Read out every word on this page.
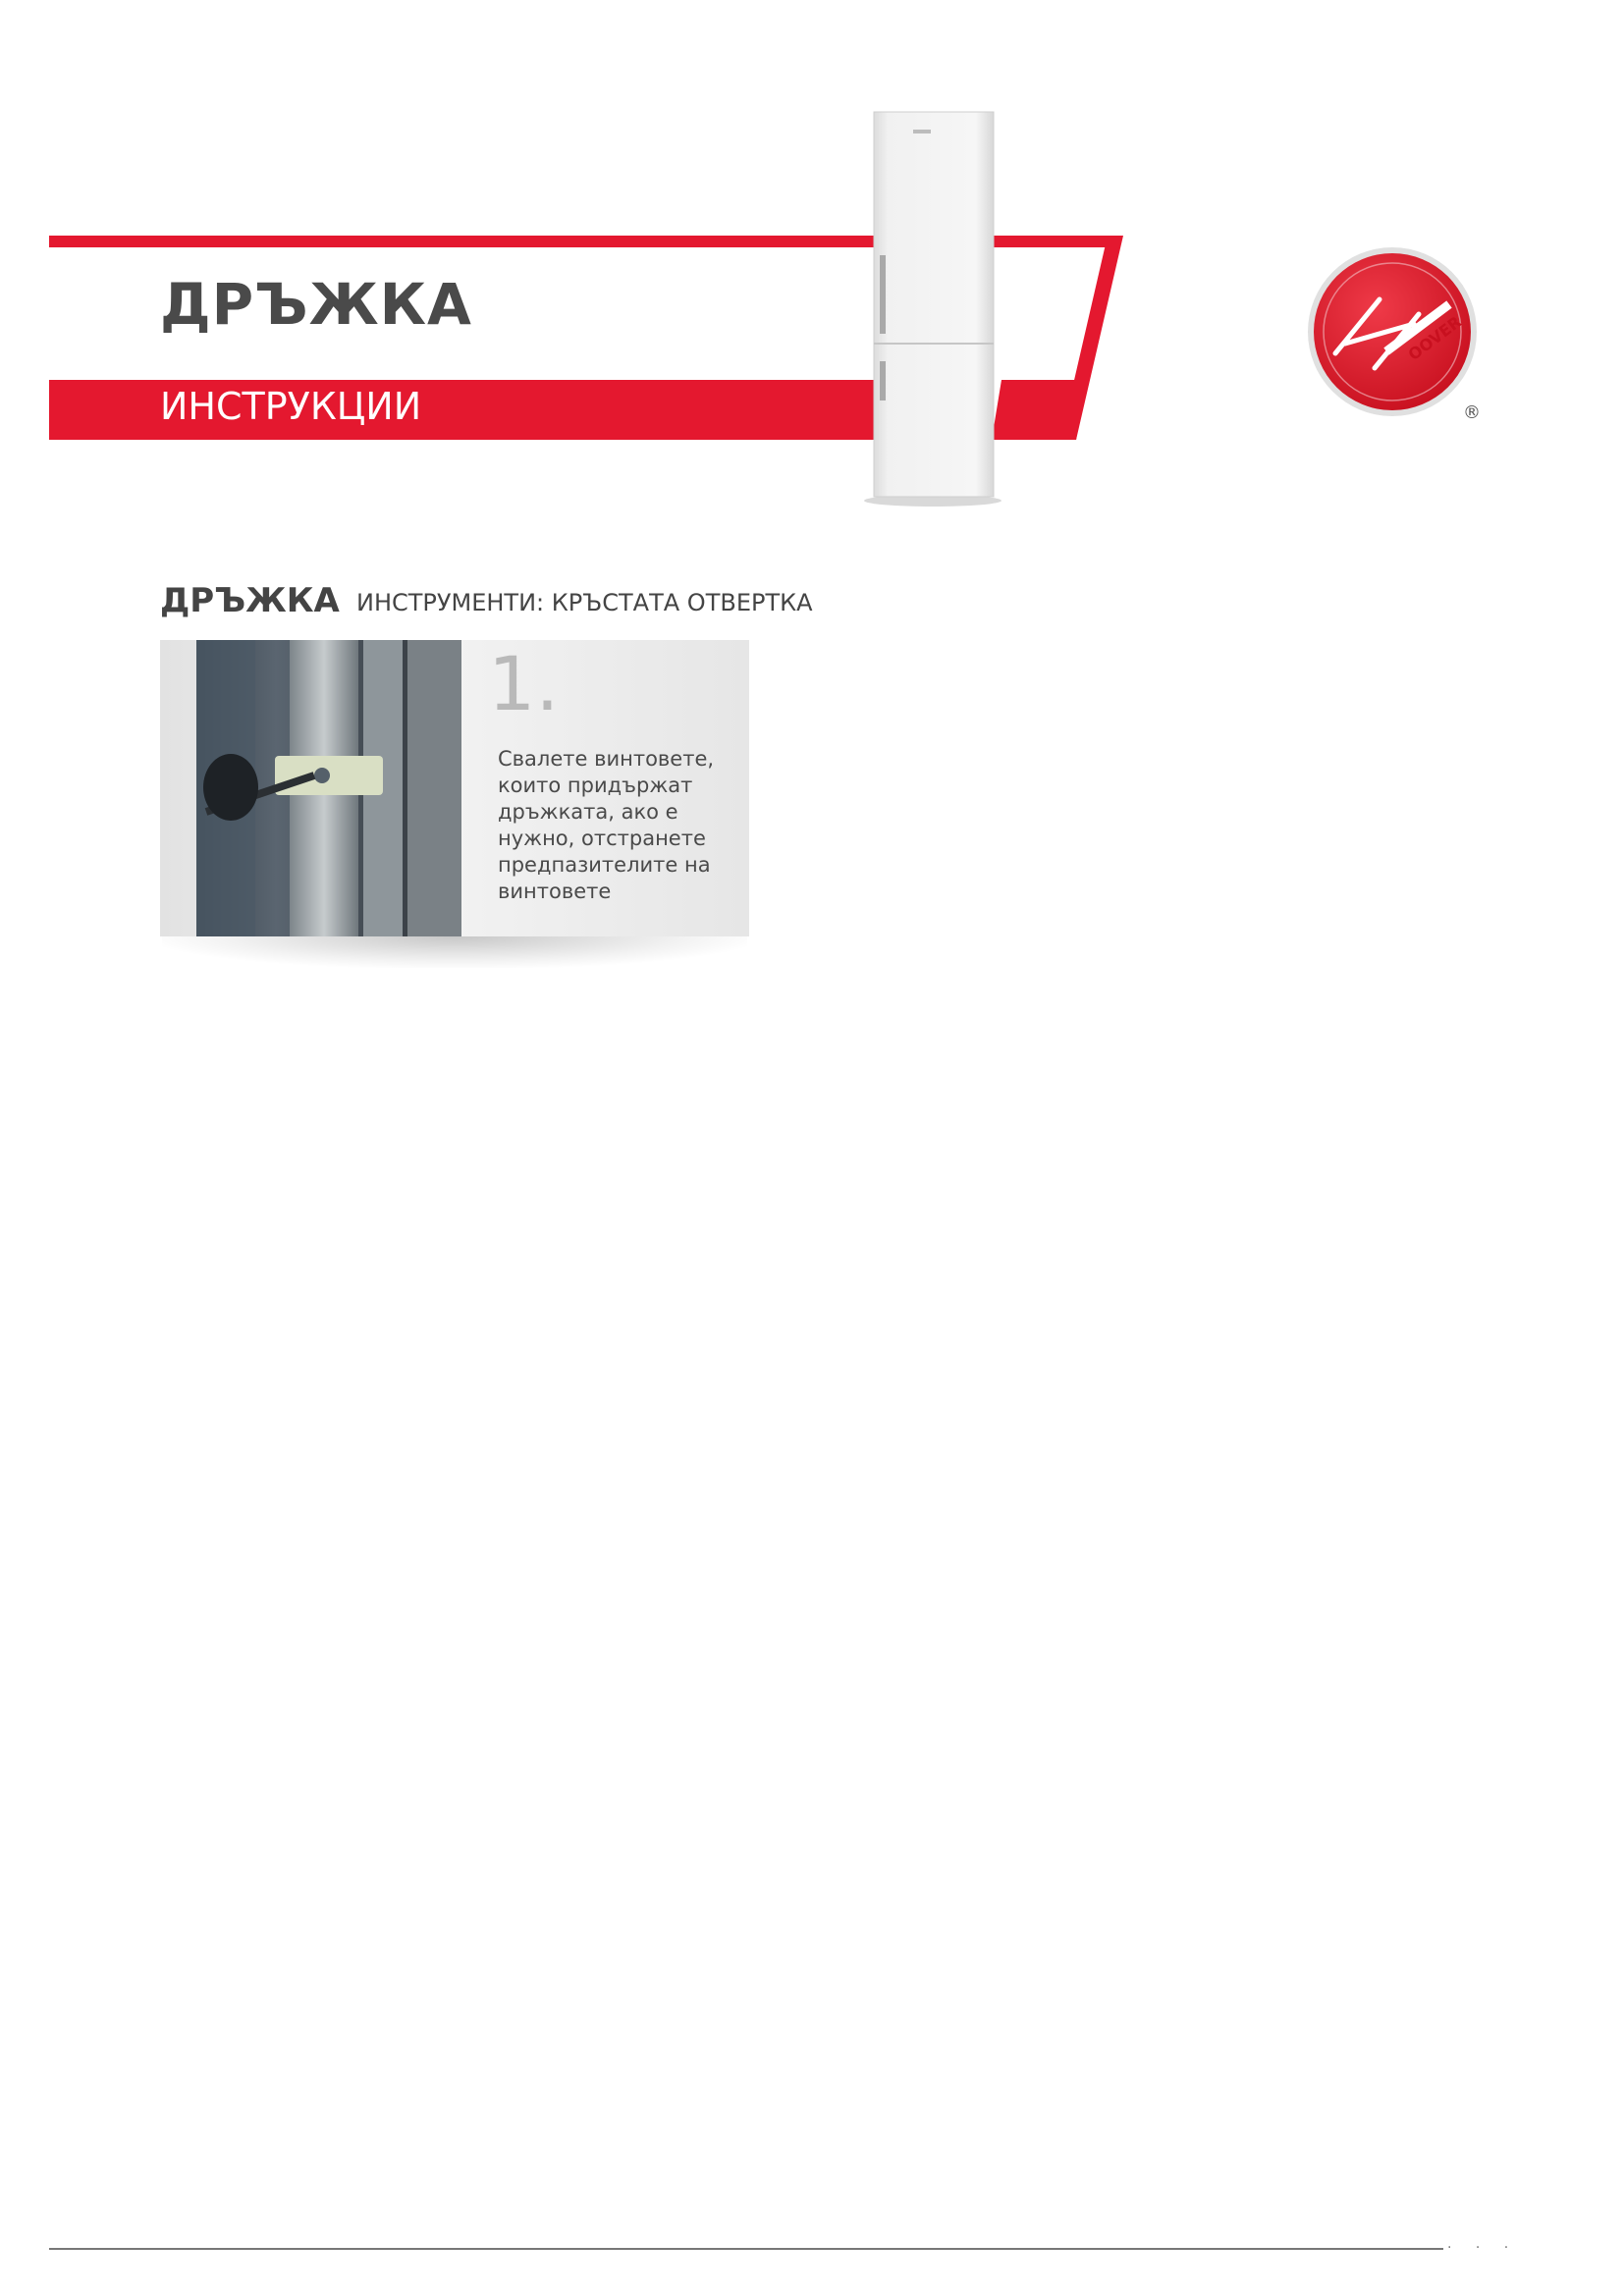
ДРЪЖКА
ИНСТРУКЦИИ
OOVER
®
ДРЪЖКА ИНСТРУМЕНТИ: КРЪСТАТА ОТВЕРТКА
1.
Свалете винтовете,
които придържат
дръжката, ако е
нужно, отстранете
предпазителите на
винтовете
· · ·
